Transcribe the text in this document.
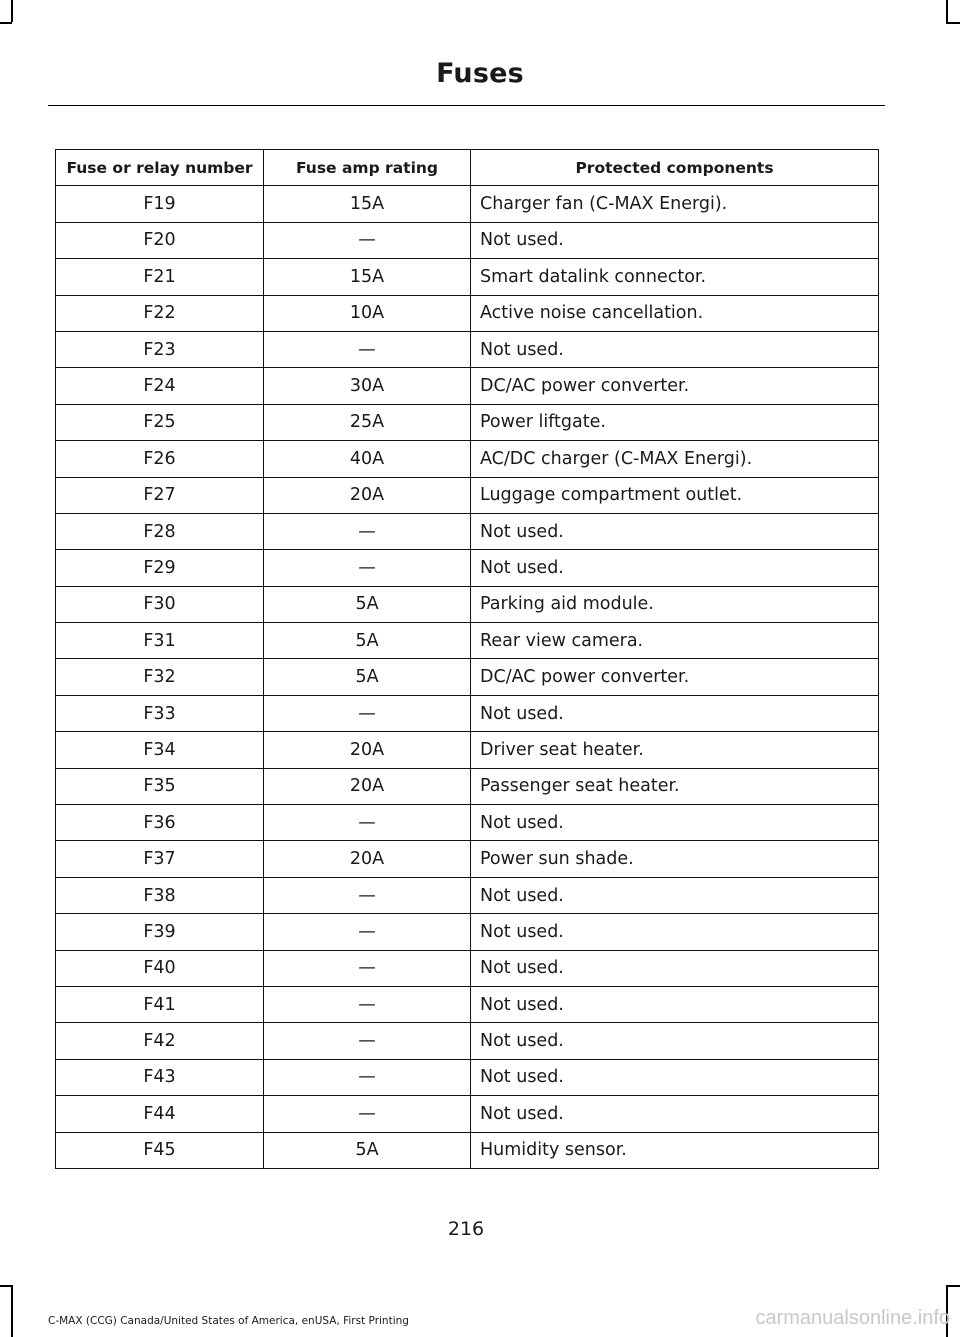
Fuses
Fuse or relay number	Fuse amp rating	Protected components
F19	15A	Charger fan (C-MAX Energi).
F20	—	Not used.
F21	15A	Smart datalink connector.
F22	10A	Active noise cancellation.
F23	—	Not used.
F24	30A	DC/AC power converter.
F25	25A	Power liftgate.
F26	40A	AC/DC charger (C-MAX Energi).
F27	20A	Luggage compartment outlet.
F28	—	Not used.
F29	—	Not used.
F30	5A	Parking aid module.
F31	5A	Rear view camera.
F32	5A	DC/AC power converter.
F33	—	Not used.
F34	20A	Driver seat heater.
F35	20A	Passenger seat heater.
F36	—	Not used.
F37	20A	Power sun shade.
F38	—	Not used.
F39	—	Not used.
F40	—	Not used.
F41	—	Not used.
F42	—	Not used.
F43	—	Not used.
F44	—	Not used.
F45	5A	Humidity sensor.
216
C-MAX (CCG) Canada/United States of America, enUSA, First Printing	carmanualsonline.info
